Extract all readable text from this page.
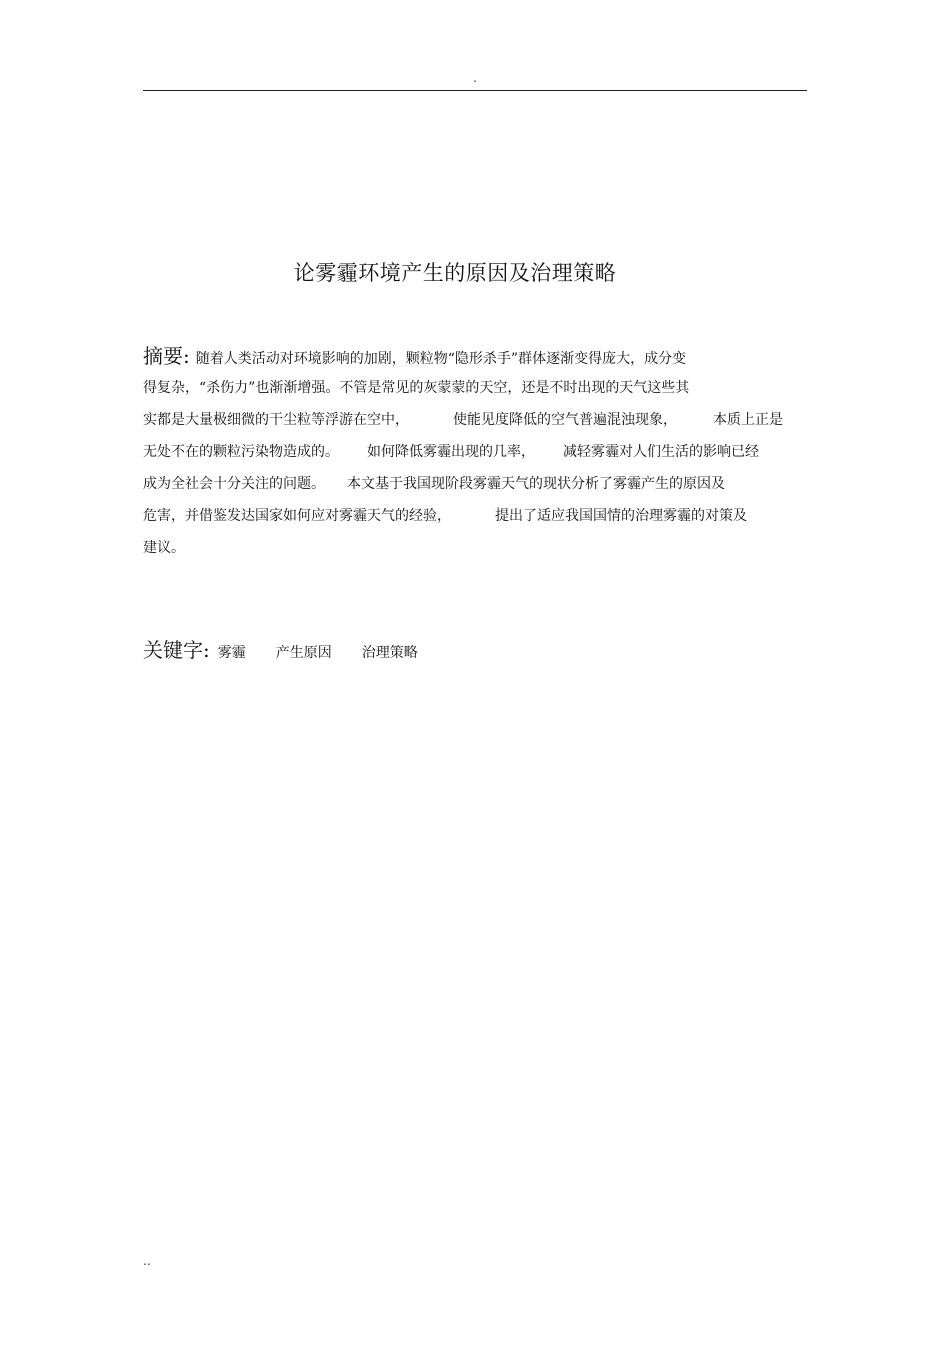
.
论雾霾环境产生的原因及治理策略
摘要: 随着人类活动对环境影响的加剧，颗粒物“隐形杀手”群体逐渐变得庞大，成分变
得复杂，“杀伤力”也渐渐增强。不管是常见的灰蒙蒙的天空，还是不时出现的天气这些其
实都是大量极细微的干尘粒等浮游在空中，	使能见度降低的空气普遍混浊现象，	本质上正是
无处不在的颗粒污染物造成的。 如何降低雾霾出现的几率， 减轻雾霾对人们生活的影响已经
成为全社会十分关注的问题。 本文基于我国现阶段雾霾天气的现状分析了雾霾产生的原因及
危害，并借鉴发达国家如何应对雾霾天气的经验，	提出了适应我国国情的治理雾霾的对策及
建议。
关键字: 雾霾 产生原因 治理策略
..
